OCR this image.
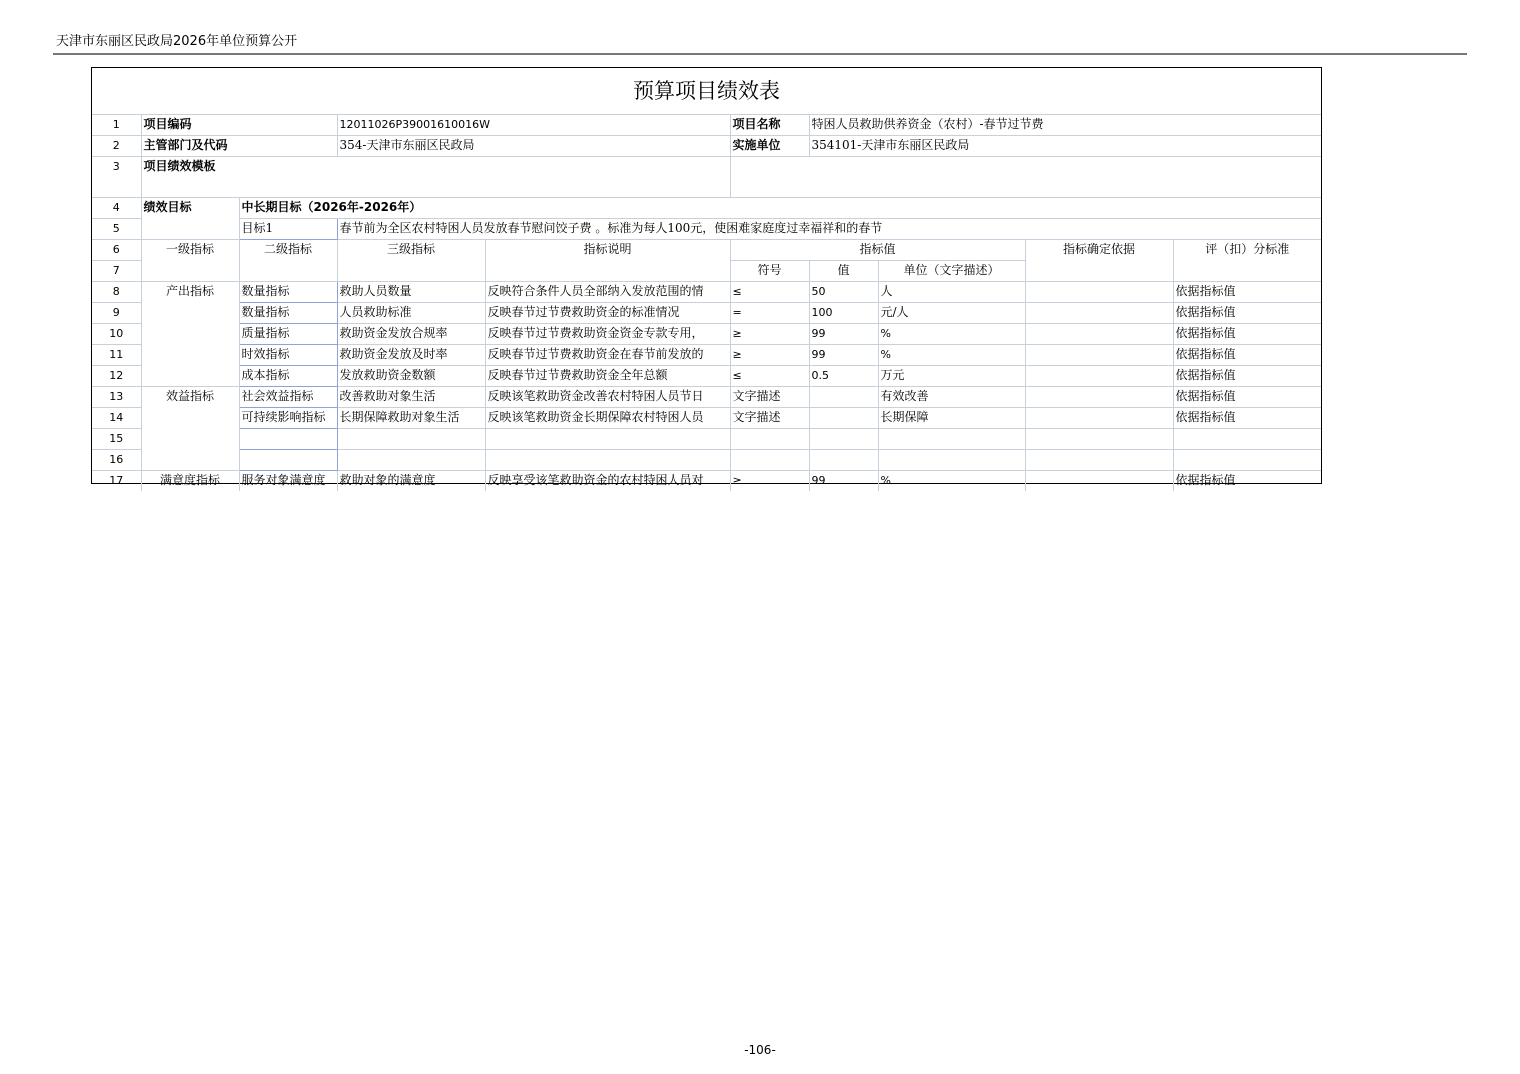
天津市东丽区民政局2026年单位预算公开
预算项目绩效表									
1	项目编码		12011026P39001610016W		项目名称	特困人员救助供养资金（农村）-春节过节费			
2	主管部门及代码		354-天津市东丽区民政局		实施单位	354101-天津市东丽区民政局			
3	项目绩效模板								
4	绩效目标	中长期目标（2026年-2026年）							
5		目标1	春节前为全区农村特困人员发放春节慰问饺子费 。标准为每人100元，使困难家庭度过幸福祥和的春节						
6	一级指标	二级指标	三级指标	指标说明	指标值			指标确定依据	评（扣）分标准
7					符号	值	单位（文字描述）		
8	产出指标	数量指标	救助人员数量	反映符合条件人员全部纳入发放范围的情	≤	50	人		依据指标值
9		数量指标	人员救助标准	反映春节过节费救助资金的标准情况	=	100	元/人		依据指标值
10		质量指标	救助资金发放合规率	反映春节过节费救助资金资金专款专用，	≥	99	%		依据指标值
11		时效指标	救助资金发放及时率	反映春节过节费救助资金在春节前发放的	≥	99	%		依据指标值
12		成本指标	发放救助资金数额	反映春节过节费救助资金全年总额	≤	0.5	万元		依据指标值
13	效益指标	社会效益指标	改善救助对象生活	反映该笔救助资金改善农村特困人员节日	文字描述		有效改善		依据指标值
14		可持续影响指标	长期保障救助对象生活	反映该笔救助资金长期保障农村特困人员	文字描述		长期保障		依据指标值
15									
16									
17	满意度指标	服务对象满意度	救助对象的满意度	反映享受该笔救助资金的农村特困人员对	≥	99	%		依据指标值
-106-
